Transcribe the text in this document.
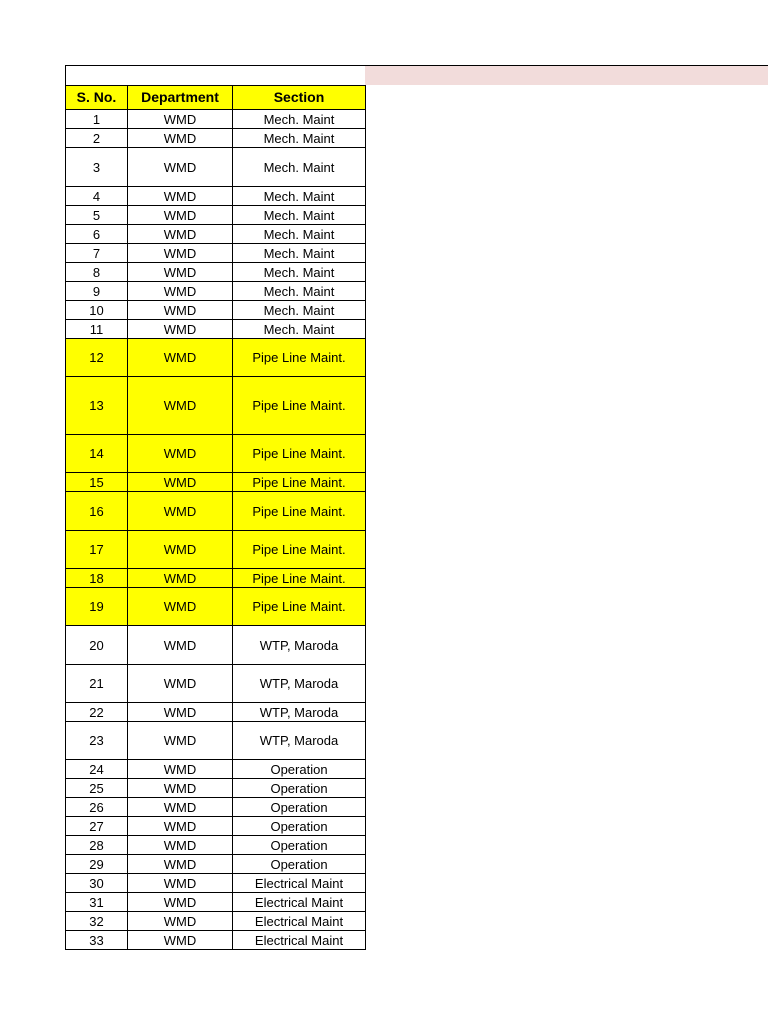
S. No.	Department	Section
1	WMD	Mech. Maint
2	WMD	Mech. Maint
3	WMD	Mech. Maint
4	WMD	Mech. Maint
5	WMD	Mech. Maint
6	WMD	Mech. Maint
7	WMD	Mech. Maint
8	WMD	Mech. Maint
9	WMD	Mech. Maint
10	WMD	Mech. Maint
11	WMD	Mech. Maint
12	WMD	Pipe Line Maint.
13	WMD	Pipe Line Maint.
14	WMD	Pipe Line Maint.
15	WMD	Pipe Line Maint.
16	WMD	Pipe Line Maint.
17	WMD	Pipe Line Maint.
18	WMD	Pipe Line Maint.
19	WMD	Pipe Line Maint.
20	WMD	WTP, Maroda
21	WMD	WTP, Maroda
22	WMD	WTP, Maroda
23	WMD	WTP, Maroda
24	WMD	Operation
25	WMD	Operation
26	WMD	Operation
27	WMD	Operation
28	WMD	Operation
29	WMD	Operation
30	WMD	Electrical Maint
31	WMD	Electrical Maint
32	WMD	Electrical Maint
33	WMD	Electrical Maint
